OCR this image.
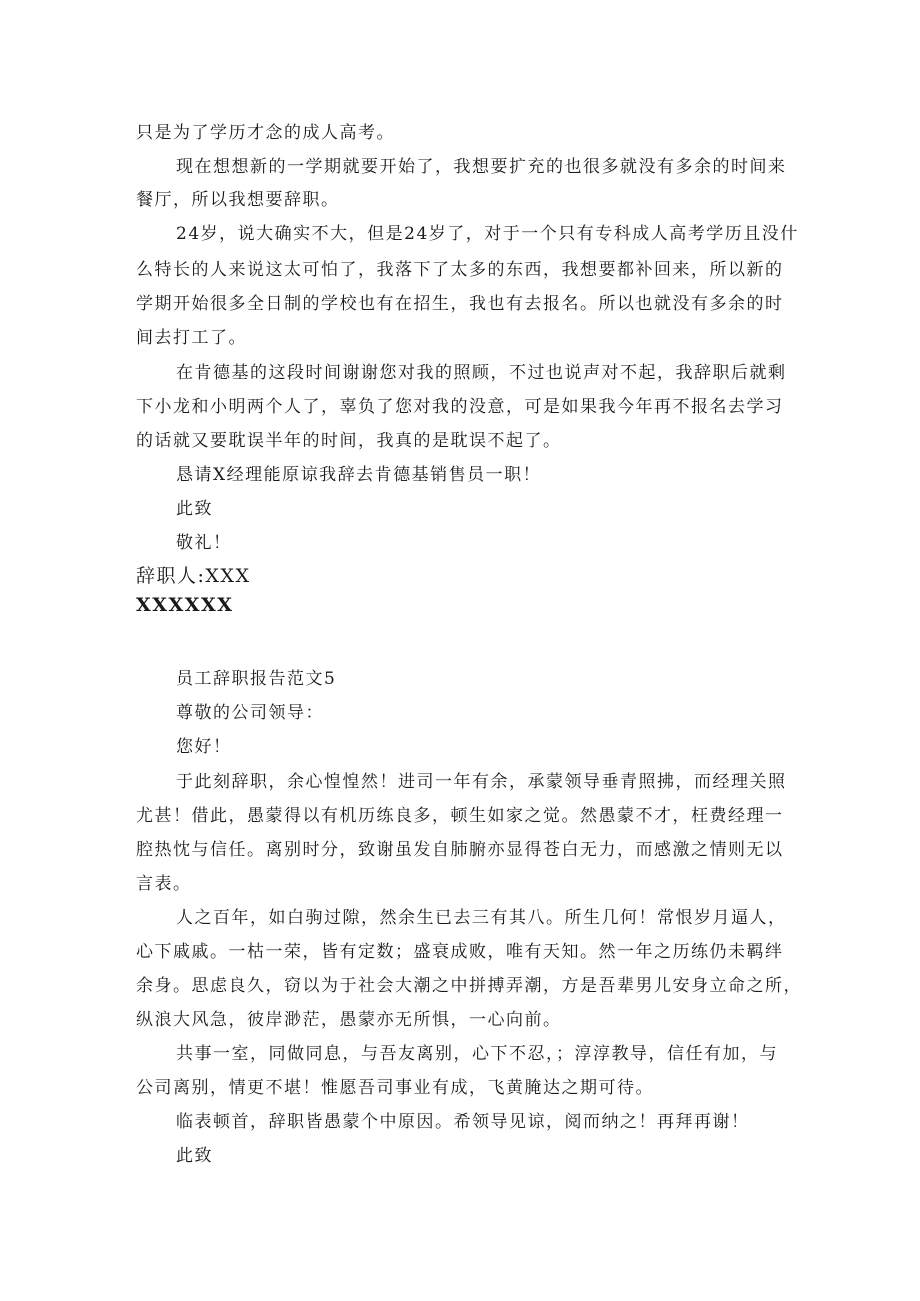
只是为了学历才念的成人高考。
现在想想新的一学期就要开始了，我想要扩充的也很多就没有多余的时间来
餐厅，所以我想要辞职。
24岁，说大确实不大，但是24岁了，对于一个只有专科成人高考学历且没什
么特长的人来说这太可怕了，我落下了太多的东西，我想要都补回来，所以新的
学期开始很多全日制的学校也有在招生，我也有去报名。所以也就没有多余的时
间去打工了。
在肯德基的这段时间谢谢您对我的照顾，不过也说声对不起，我辞职后就剩
下小龙和小明两个人了，辜负了您对我的没意，可是如果我今年再不报名去学习
的话就又要耽误半年的时间，我真的是耽误不起了。
恳请X经理能原谅我辞去肯德基销售员一职！
此致
敬礼！
辞职人:XXX
XXXXXX
员工辞职报告范文5
尊敬的公司领导：
您好！
于此刻辞职，余心惶惶然！进司一年有余，承蒙领导垂青照拂，而经理关照
尤甚！借此，愚蒙得以有机历练良多，顿生如家之觉。然愚蒙不才，枉费经理一
腔热忱与信任。离别时分，致谢虽发自肺腑亦显得苍白无力，而感激之情则无以
言表。
人之百年，如白驹过隙，然余生已去三有其八。所生几何！常恨岁月逼人，
心下戚戚。一枯一荣，皆有定数；盛衰成败，唯有天知。然一年之历练仍未羁绊
余身。思虑良久，窃以为于社会大潮之中拼搏弄潮，方是吾辈男儿安身立命之所，
纵浪大风急，彼岸渺茫，愚蒙亦无所惧，一心向前。
共事一室，同做同息，与吾友离别，心下不忍，；淳淳教导，信任有加，与
公司离别，情更不堪！惟愿吾司事业有成，飞黄腌达之期可待。
临表顿首，辞职皆愚蒙个中原因。希领导见谅，阅而纳之！再拜再谢！
此致
